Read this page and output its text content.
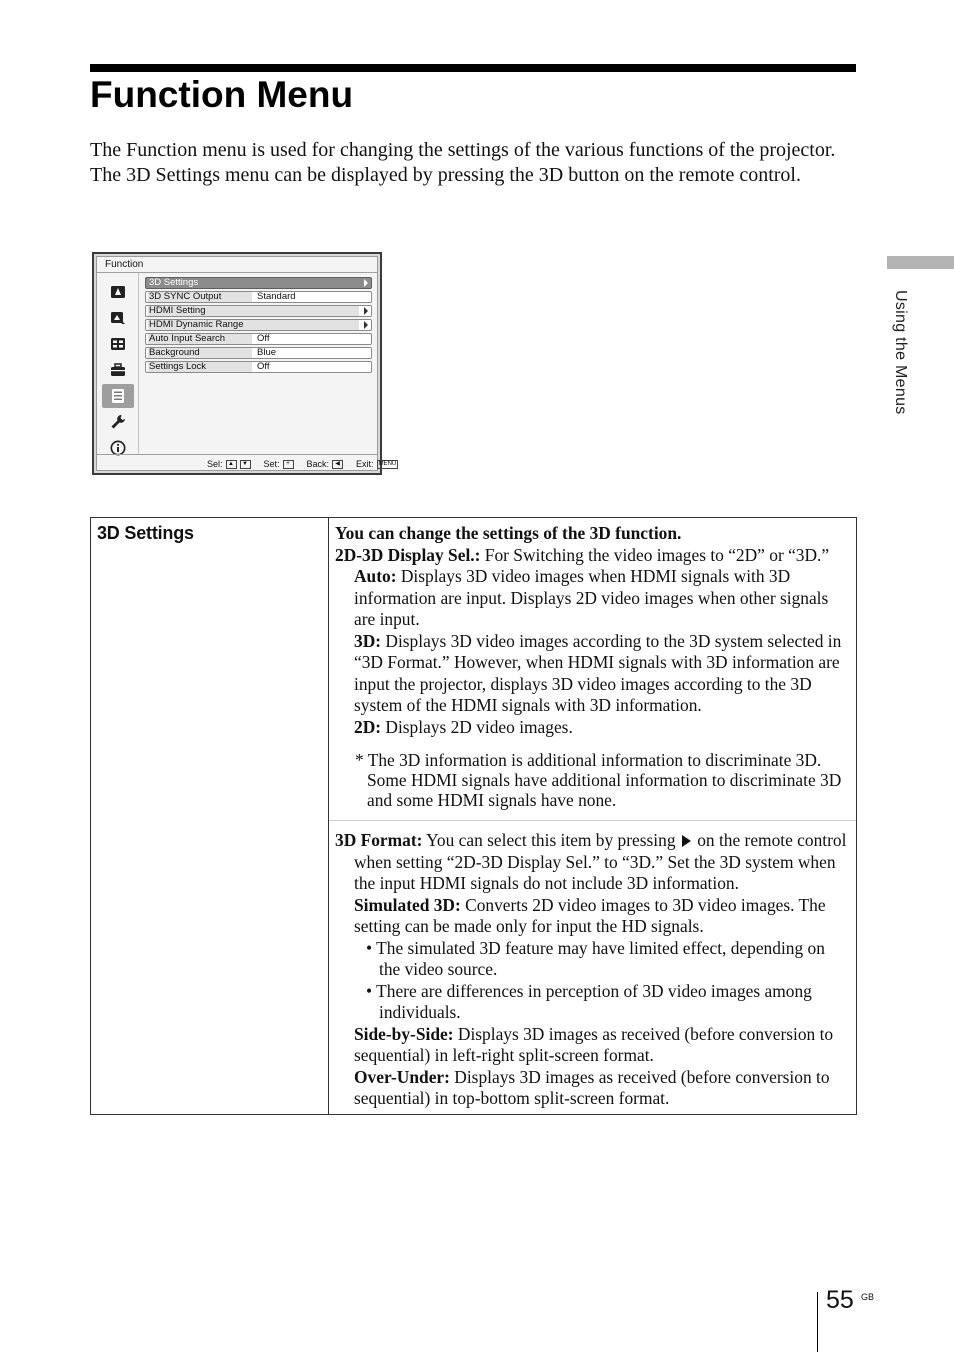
Function Menu

The Function menu is used for changing the settings of the various functions of the projector.

The 3D Settings menu can be displayed by pressing the 3D button on the remote control.

Using the Menus
Function
3D Settings
3D SYNC Output	Standard
HDMI Setting
HDMI Dynamic Range
Auto Input Search	Off
Background	Blue
Settings Lock	Off
Sel: ▲	▼ Set:	+	Back:	◀	Exit: MENU
3D Settings	You can change the settings of the 3D function.

2D-3D Display Sel.: For Switching the video images to “2D” or “3D.”

Auto: Displays 3D video images when HDMI signals with 3D information are input. Displays 2D video images when other signals are input.

3D: Displays 3D video images according to the 3D system selected in “3D Format.” However, when HDMI signals with 3D information are input the projector, displays 3D video images according to the 3D system of the HDMI signals with 3D information.

2D: Displays 2D video images.

* The 3D information is additional information to discriminate 3D. Some HDMI signals have additional information to discriminate 3D and some HDMI signals have none.

3D Format: You can select this item by pressing  on the remote control when setting “2D-3D Display Sel.” to “3D.” Set the 3D system when the input HDMI signals do not include 3D information.

Simulated 3D: Converts 2D video images to 3D video images. The setting can be made only for input the HD signals.

• The simulated 3D feature may have limited effect, depending on the video source.

• There are differences in perception of 3D video images among individuals.

Side-by-Side: Displays 3D images as received (before conversion to sequential) in left-right split-screen format.

Over-Under: Displays 3D images as received (before conversion to sequential) in top-bottom split-screen format.

55 GB
